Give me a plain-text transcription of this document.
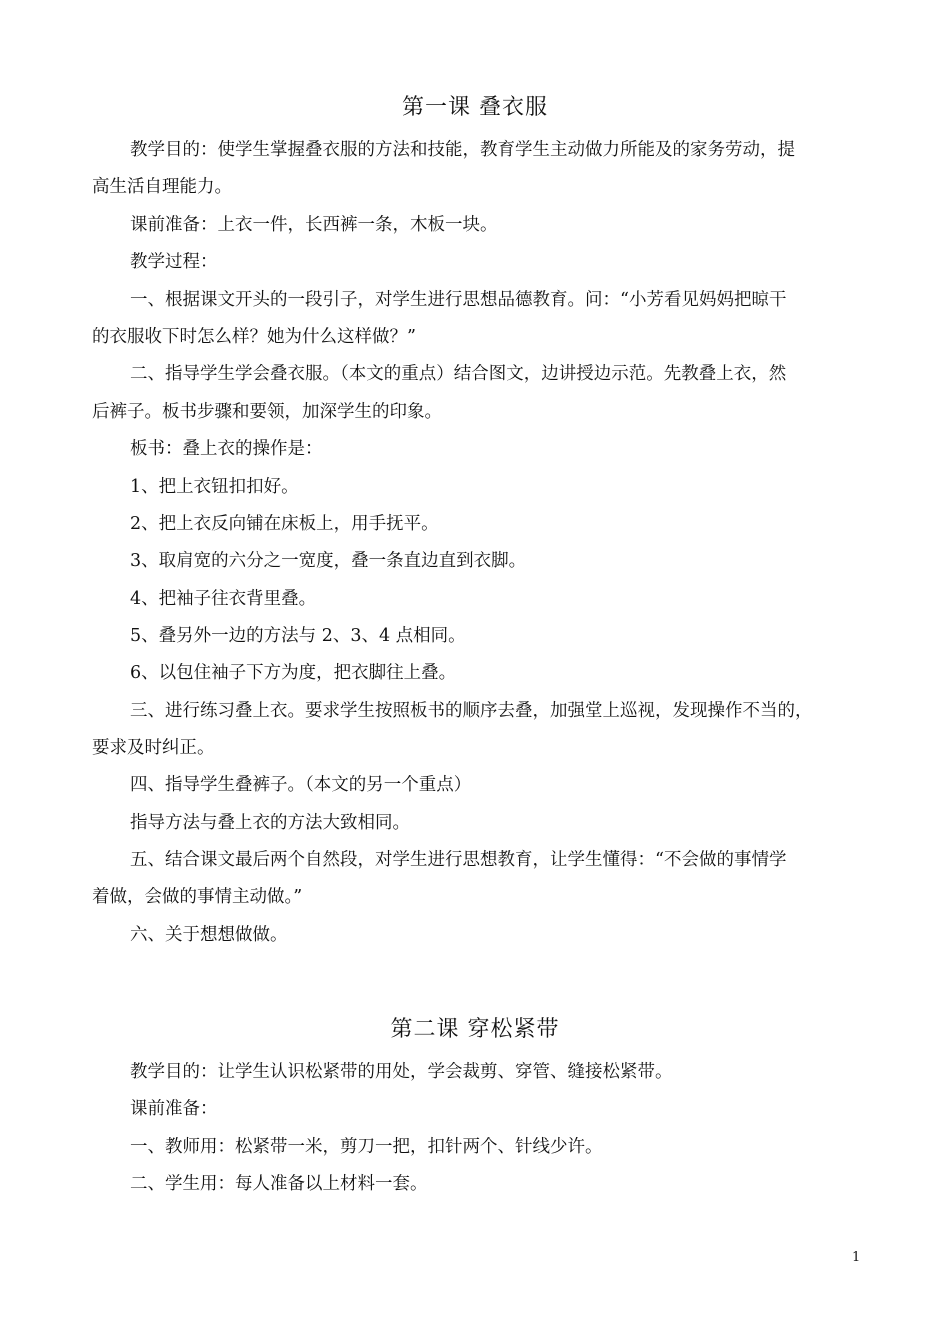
第一课 叠衣服
教学目的：使学生掌握叠衣服的方法和技能，教育学生主动做力所能及的家务劳动，提
高生活自理能力。
课前准备：上衣一件，长西裤一条，木板一块。
教学过程：
一、根据课文开头的一段引子，对学生进行思想品德教育。问：“小芳看见妈妈把晾干
的衣服收下时怎么样？她为什么这样做？”
二、指导学生学会叠衣服。（本文的重点）结合图文，边讲授边示范。先教叠上衣，然
后裤子。板书步骤和要领，加深学生的印象。
板书：叠上衣的操作是：
1、把上衣钮扣扣好。
2、把上衣反向铺在床板上，用手抚平。
3、取肩宽的六分之一宽度，叠一条直边直到衣脚。
4、把袖子往衣背里叠。
5、叠另外一边的方法与 2、3、4 点相同。
6、以包住袖子下方为度，把衣脚往上叠。
三、进行练习叠上衣。要求学生按照板书的顺序去叠，加强堂上巡视，发现操作不当的，
要求及时纠正。
四、指导学生叠裤子。（本文的另一个重点）
指导方法与叠上衣的方法大致相同。
五、结合课文最后两个自然段，对学生进行思想教育，让学生懂得：“不会做的事情学
着做，会做的事情主动做。”
六、关于想想做做。
第二课 穿松紧带
教学目的：让学生认识松紧带的用处，学会裁剪、穿管、缝接松紧带。
课前准备：
一、教师用：松紧带一米，剪刀一把，扣针两个、针线少许。
二、学生用：每人准备以上材料一套。
1
